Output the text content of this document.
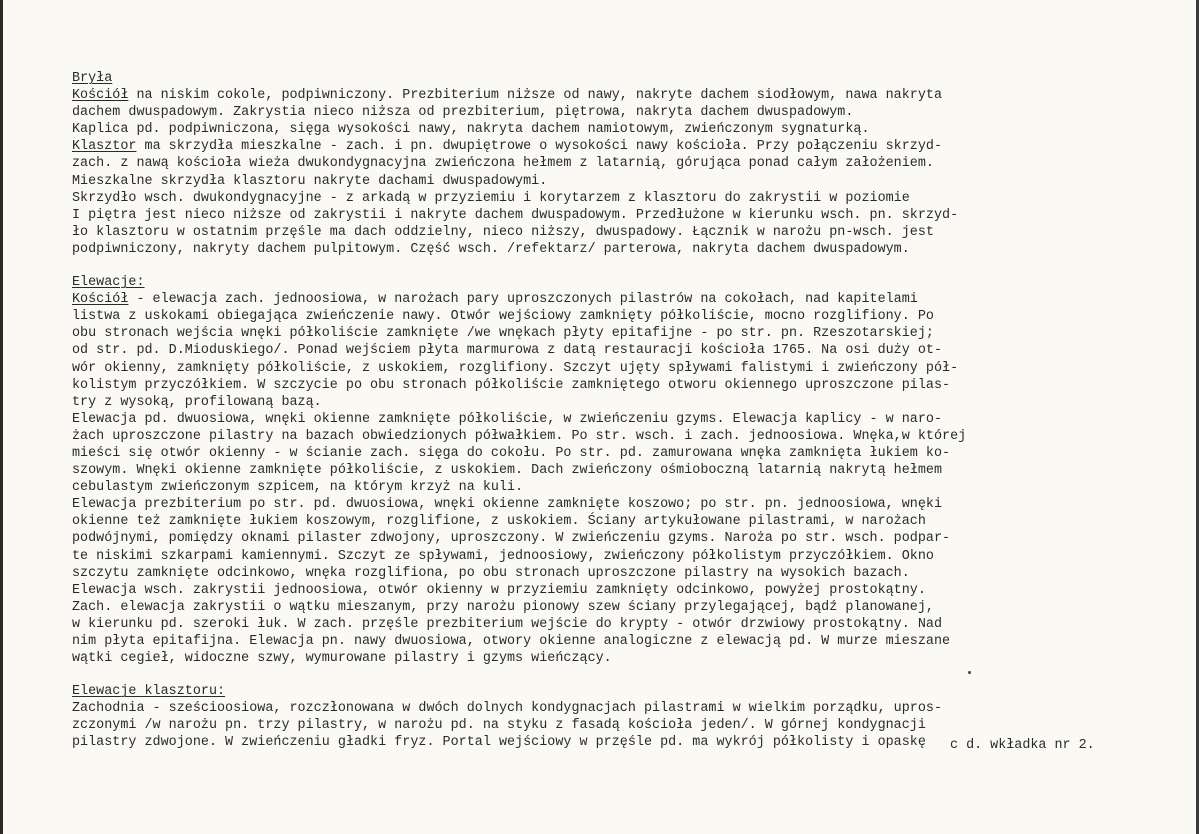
Bryła
Kościół na niskim cokole, podpiwniczony. Prezbiterium niższe od nawy, nakryte dachem siodłowym, nawa nakryta
dachem dwuspadowym. Zakrystia nieco niższa od prezbiterium, piętrowa, nakryta dachem dwuspadowym.
Kaplica pd. podpiwniczona, sięga wysokości nawy, nakryta dachem namiotowym, zwieńczonym sygnaturką.
Klasztor ma skrzydła mieszkalne - zach. i pn. dwupiętrowe o wysokości nawy kościoła. Przy połączeniu skrzyd-
zach. z nawą kościoła wieża dwukondygnacyjna zwieńczona hełmem z latarnią, górująca ponad całym założeniem.
Mieszkalne skrzydła klasztoru nakryte dachami dwuspadowymi.
Skrzydło wsch. dwukondygnacyjne - z arkadą w przyziemiu i korytarzem z klasztoru do zakrystii w poziomie
I piętra jest nieco niższe od zakrystii i nakryte dachem dwuspadowym. Przedłużone w kierunku wsch. pn. skrzyd-
ło klasztoru w ostatnim przęśle ma dach oddzielny, nieco niższy, dwuspadowy. Łącznik w narożu pn-wsch. jest
podpiwniczony, nakryty dachem pulpitowym. Część wsch. /refektarz/ parterowa, nakryta dachem dwuspadowym.
Elewacje:
Kościół - elewacja zach. jednoosiowa, w narożach pary uproszczonych pilastrów na cokołach, nad kapitelami
listwa z uskokami obiegająca zwieńczenie nawy. Otwór wejściowy zamknięty półkoliście, mocno rozglifiony. Po
obu stronach wejścia wnęki półkoliście zamknięte /we wnękach płyty epitafijne - po str. pn. Rzeszotarskiej;
od str. pd. D.Mioduskiego/. Ponad wejściem płyta marmurowa z datą restauracji kościoła 1765. Na osi duży ot-
wór okienny, zamknięty półkoliście, z uskokiem, rozglifiony. Szczyt ujęty spływami falistymi i zwieńczony pół-
kolistym przyczółkiem. W szczycie po obu stronach półkoliście zamkniętego otworu okiennego uproszczone pilas-
try z wysoką, profilowaną bazą.
Elewacja pd. dwuosiowa, wnęki okienne zamknięte półkoliście, w zwieńczeniu gzyms. Elewacja kaplicy - w naro-
żach uproszczone pilastry na bazach obwiedzionych półwałkiem. Po str. wsch. i zach. jednoosiowa. Wnęka,w której
mieści się otwór okienny - w ścianie zach. sięga do cokołu. Po str. pd. zamurowana wnęka zamknięta łukiem ko-
szowym. Wnęki okienne zamknięte półkoliście, z uskokiem. Dach zwieńczony ośmioboczną latarnią nakrytą hełmem
cebulastym zwieńczonym szpicem, na którym krzyż na kuli.
Elewacja prezbiterium po str. pd. dwuosiowa, wnęki okienne zamknięte koszowo; po str. pn. jednoosiowa, wnęki
okienne też zamknięte łukiem koszowym, rozglifione, z uskokiem. Ściany artykułowane pilastrami, w narożach
podwójnymi, pomiędzy oknami pilaster zdwojony, uproszczony. W zwieńczeniu gzyms. Naroża po str. wsch. podpar-
te niskimi szkarpami kamiennymi. Szczyt ze spływami, jednoosiowy, zwieńczony półkolistym przyczółkiem. Okno
szczytu zamknięte odcinkowo, wnęka rozglifiona, po obu stronach uproszczone pilastry na wysokich bazach.
Elewacja wsch. zakrystii jednoosiowa, otwór okienny w przyziemiu zamknięty odcinkowo, powyżej prostokątny.
Zach. elewacja zakrystii o wątku mieszanym, przy narożu pionowy szew ściany przylegającej, bądź planowanej,
w kierunku pd. szeroki łuk. W zach. przęśle prezbiterium wejście do krypty - otwór drzwiowy prostokątny. Nad
nim płyta epitafijna. Elewacja pn. nawy dwuosiowa, otwory okienne analogiczne z elewacją pd. W murze mieszane
wątki cegieł, widoczne szwy, wymurowane pilastry i gzyms wieńczący.
Elewacje klasztoru:
Zachodnia - sześcioosiowa, rozczłonowana w dwóch dolnych kondygnacjach pilastrami w wielkim porządku, upros-
zczonymi /w narożu pn. trzy pilastry, w narożu pd. na styku z fasadą kościoła jeden/. W górnej kondygnacji
pilastry zdwojone. W zwieńczeniu gładki fryz. Portal wejściowy w przęśle pd. ma wykrój półkolisty i opaskę	c d. wkładka nr 2.
